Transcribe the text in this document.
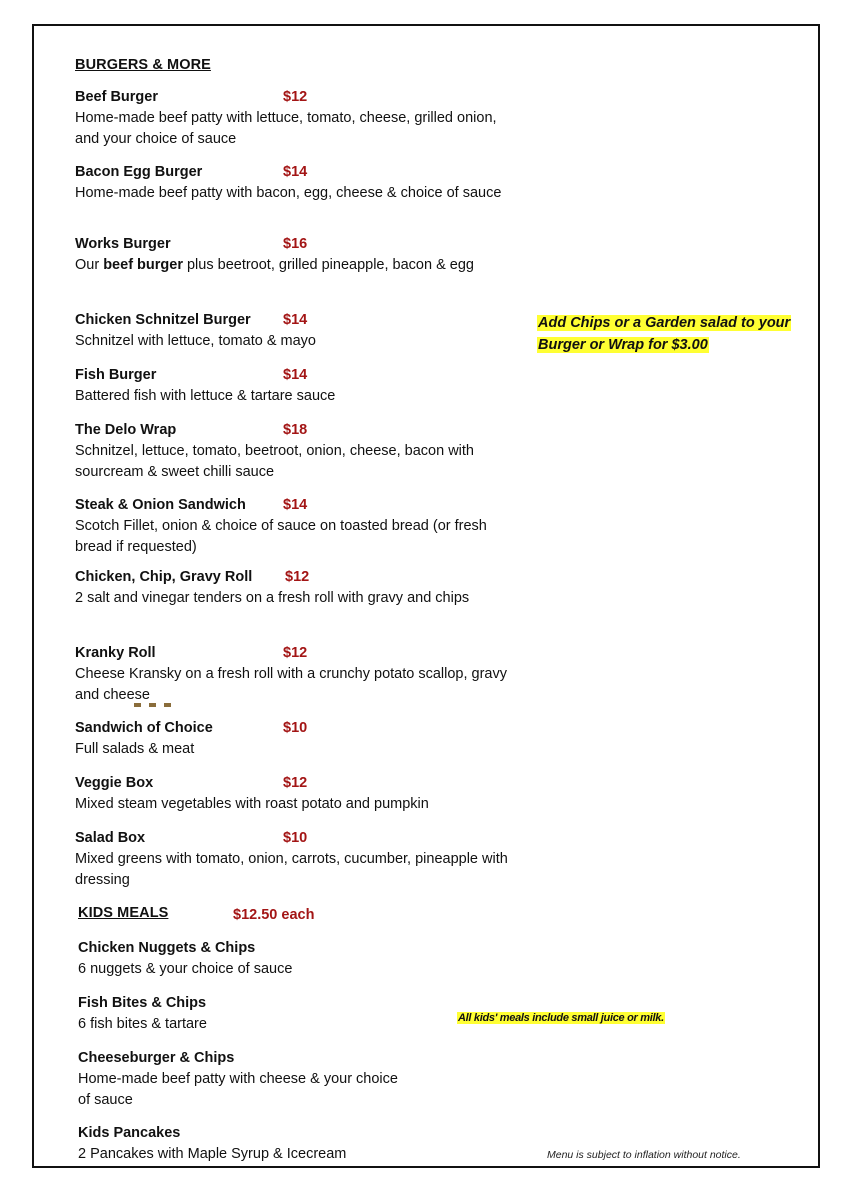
BURGERS & MORE
Beef Burger	$12
Home-made beef patty with lettuce, tomato, cheese, grilled onion, and your choice of sauce
Bacon Egg Burger	$14
Home-made beef patty with bacon, egg, cheese & choice of sauce
Works Burger	$16
Our beef burger plus beetroot, grilled pineapple, bacon & egg
Chicken Schnitzel Burger $14
Schnitzel with lettuce, tomato & mayo
Fish Burger	$14
Battered fish with lettuce & tartare sauce
The Delo Wrap	$18
Schnitzel, lettuce, tomato, beetroot, onion, cheese, bacon with sourcream & sweet chilli sauce
Steak & Onion Sandwich	$14
Scotch Fillet, onion & choice of sauce on toasted bread (or fresh bread if requested)
Chicken, Chip, Gravy Roll $12
2 salt and vinegar tenders on a fresh roll with gravy and chips
Kranky Roll	$12
Cheese Kransky on a fresh roll with a crunchy potato scallop, gravy and cheese
Sandwich of Choice	$10
Full salads & meat
Veggie Box	$12
Mixed steam vegetables with roast potato and pumpkin
Salad Box	$10
Mixed greens with tomato, onion, carrots, cucumber, pineapple with dressing
Add Chips or a Garden salad to your
Burger or Wrap for $3.00
KIDS MEALS	$12.50 each
Chicken Nuggets & Chips
6 nuggets & your choice of sauce
Fish Bites & Chips
6 fish bites & tartare
Cheeseburger & Chips
Home-made beef patty with cheese & your choice of sauce
Kids Pancakes
2 Pancakes with Maple Syrup & Icecream
All kids' meals include small juice or milk.
Menu is subject to inflation without notice.
